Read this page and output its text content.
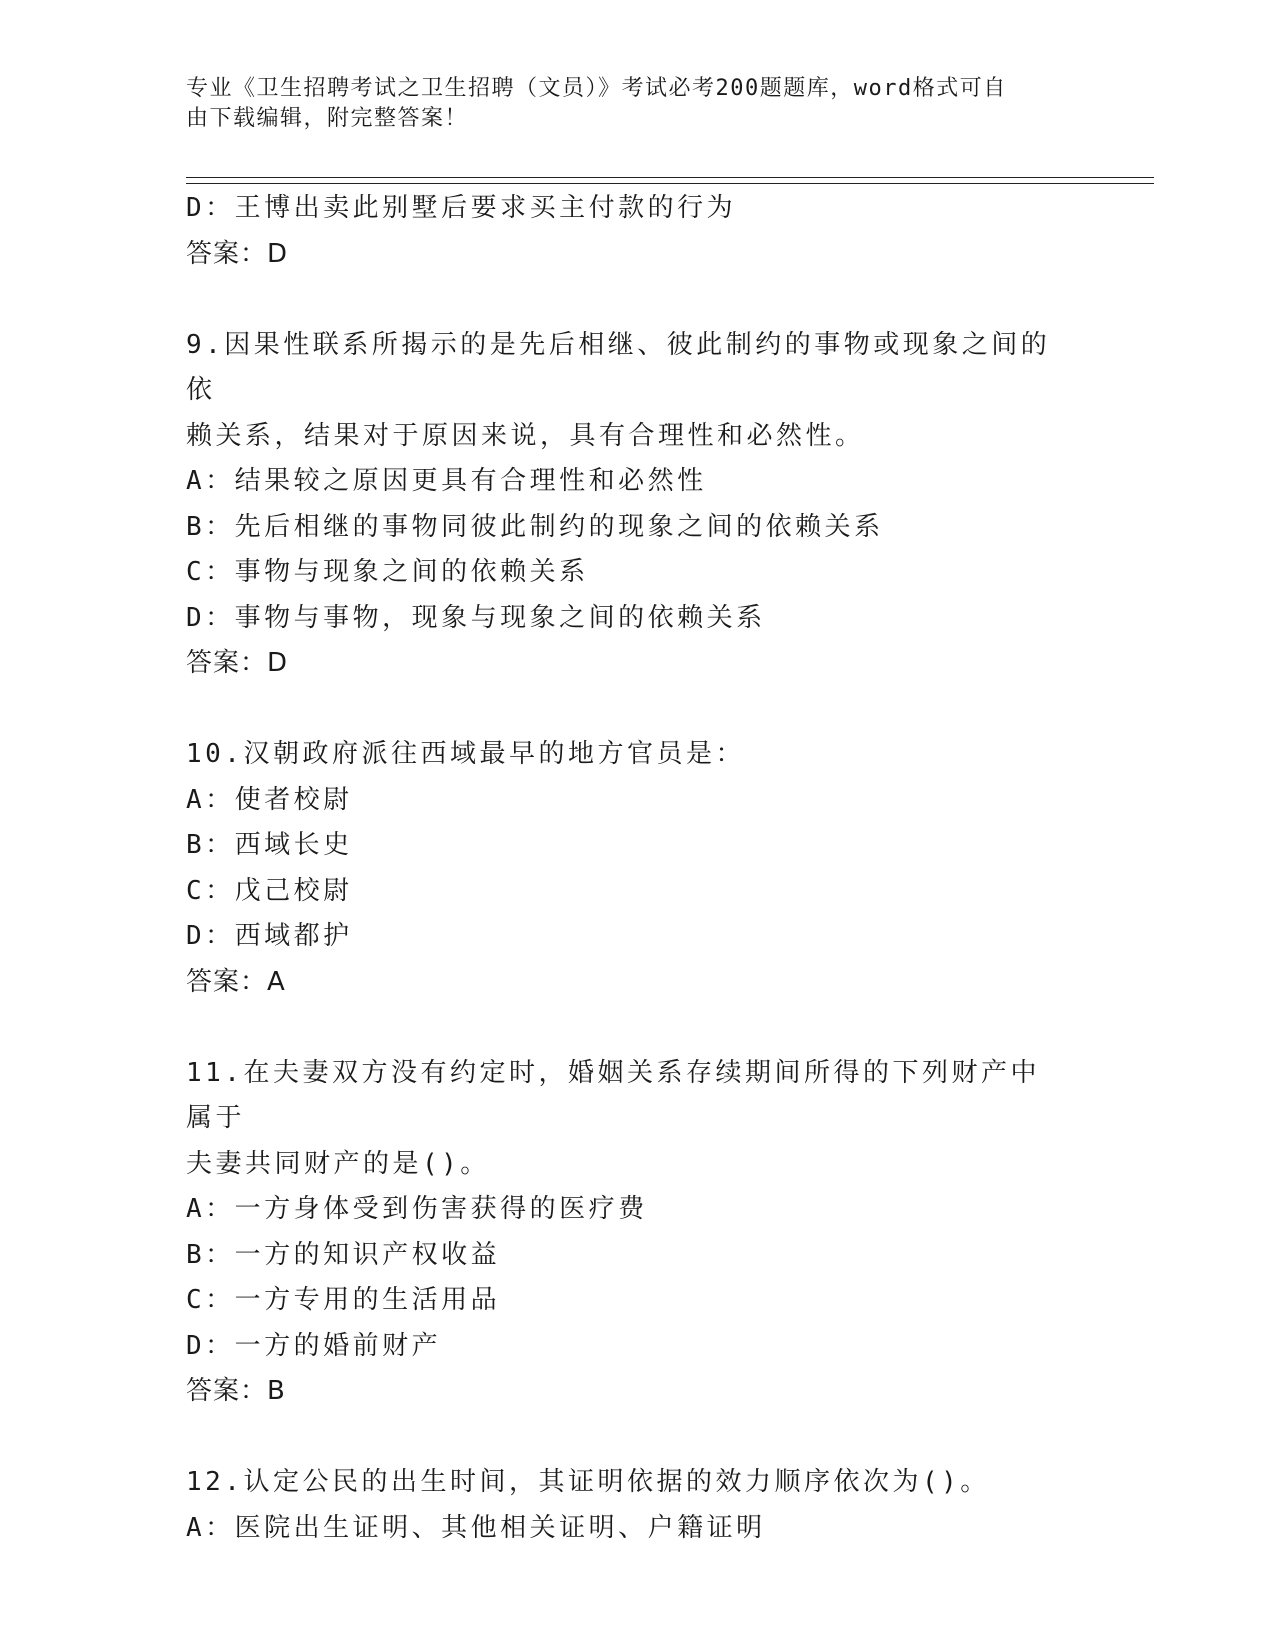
专业《卫生招聘考试之卫生招聘（文员）》考试必考200题题库，word格式可自
由下载编辑，附完整答案！
D：王博出卖此别墅后要求买主付款的行为
答案：D
9.因果性联系所揭示的是先后相继、彼此制约的事物或现象之间的依
赖关系，结果对于原因来说，具有合理性和必然性。
A：结果较之原因更具有合理性和必然性
B：先后相继的事物同彼此制约的现象之间的依赖关系
C：事物与现象之间的依赖关系
D：事物与事物，现象与现象之间的依赖关系
答案：D
10.汉朝政府派往西域最早的地方官员是：
A：使者校尉
B：西域长史
C：戊己校尉
D：西域都护
答案：A
11.在夫妻双方没有约定时，婚姻关系存续期间所得的下列财产中属于
夫妻共同财产的是()。
A：一方身体受到伤害获得的医疗费
B：一方的知识产权收益
C：一方专用的生活用品
D：一方的婚前财产
答案：B
12.认定公民的出生时间，其证明依据的效力顺序依次为()。
A：医院出生证明、其他相关证明、户籍证明
